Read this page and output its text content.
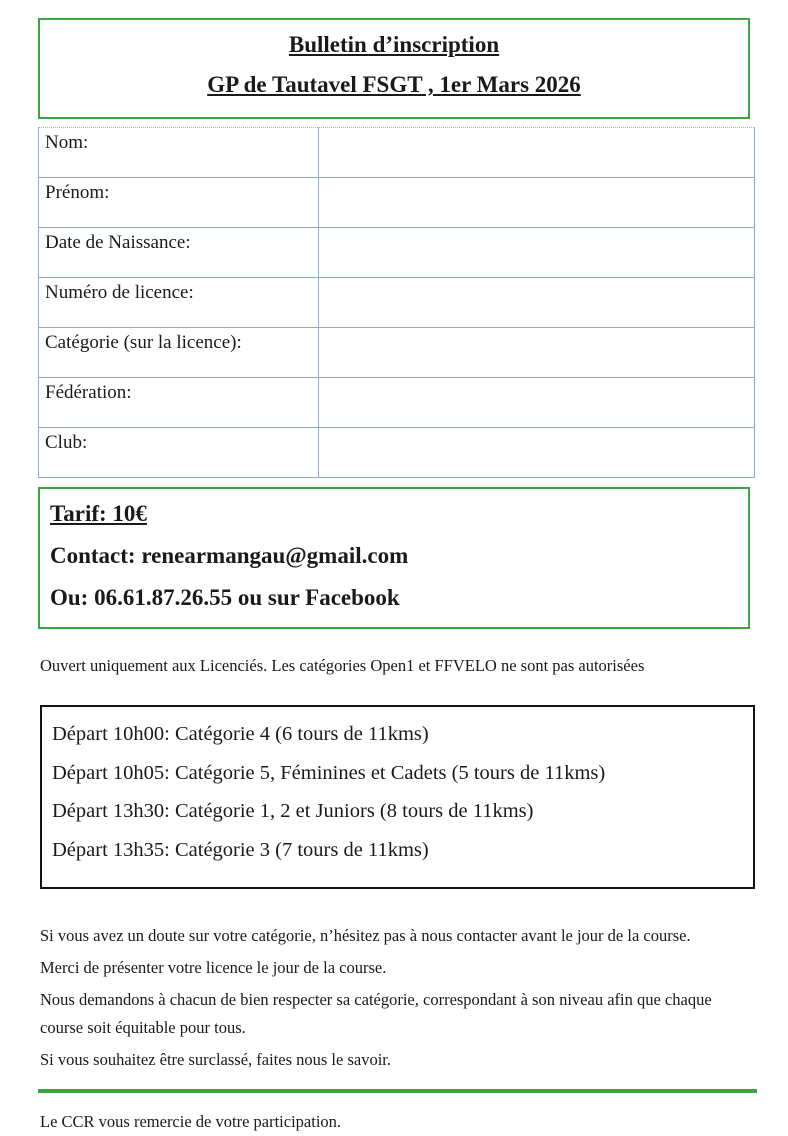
Bulletin d’inscription
GP de Tautavel FSGT , 1er Mars 2026
Nom:	
Prénom:	
Date de Naissance:	
Numéro de licence:	
Catégorie (sur la licence):	
Fédération:	
Club:	
Tarif: 10€
Contact: renearmangau@gmail.com
Ou: 06.61.87.26.55 ou sur Facebook
Ouvert uniquement aux Licenciés. Les catégories Open1 et FFVELO ne sont pas autorisées
Départ 10h00: Catégorie 4 (6 tours de 11kms)
Départ 10h05: Catégorie 5, Féminines et Cadets (5 tours de 11kms)
Départ 13h30: Catégorie 1, 2 et Juniors (8 tours de 11kms)
Départ 13h35: Catégorie 3 (7 tours de 11kms)

Si vous avez un doute sur votre catégorie, n’hésitez pas à nous contacter avant le jour de la course.

Merci de présenter votre licence le jour de la course.

Nous demandons à chacun de bien respecter sa catégorie, correspondant à son niveau afin que chaque course soit équitable pour tous.

Si vous souhaitez être surclassé, faites nous le savoir.

Le CCR vous remercie de votre participation.
